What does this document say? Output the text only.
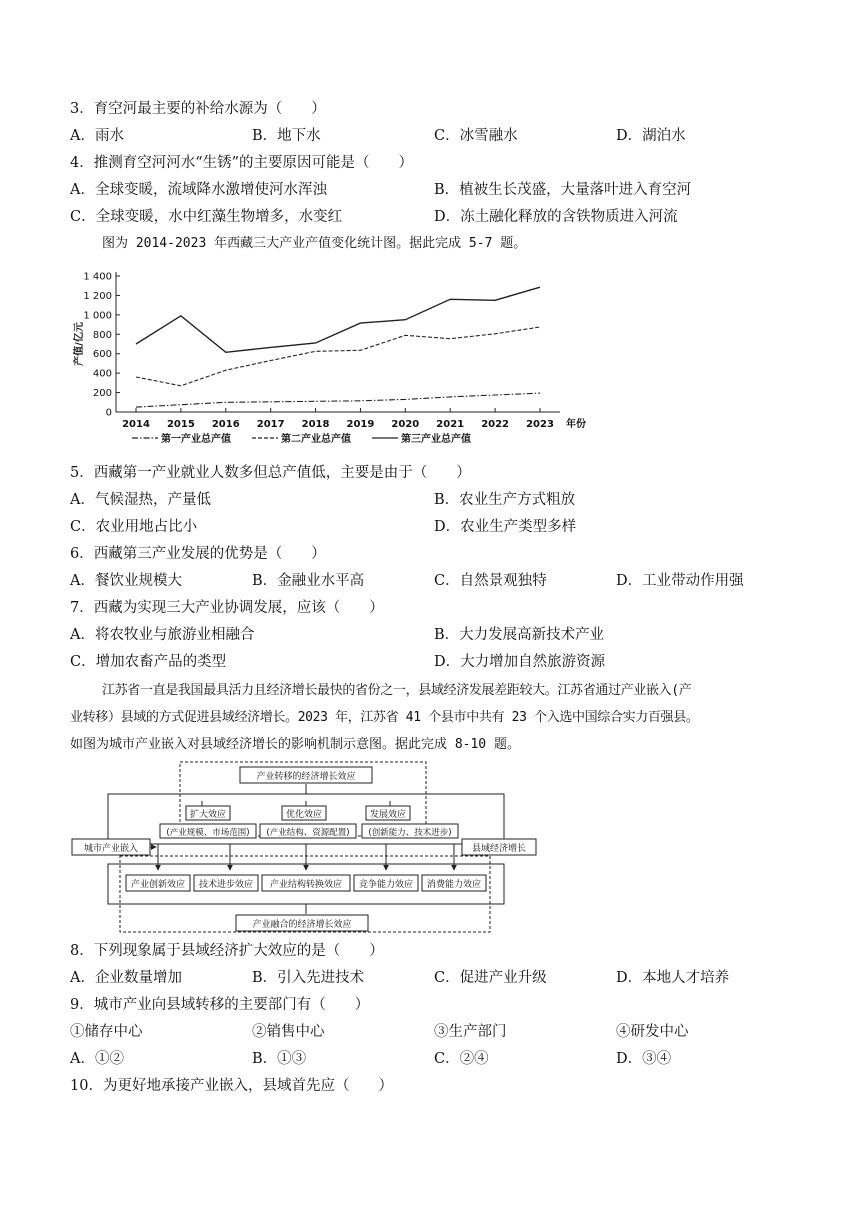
3．育空河最主要的补给水源为（　　）
A．雨水	B．地下水	C．冰雪融水	D．湖泊水
4．推测育空河河水“生锈”的主要原因可能是（　　）
A．全球变暖，流域降水激增使河水浑浊	B．植被生长茂盛，大量落叶进入育空河
C．全球变暖，水中红藻生物增多，水变红	D．冻土融化释放的含铁物质进入河流
图为 2014-2023 年西藏三大产业产值变化统计图。据此完成 5-7 题。
0
200
400
600
800
1 000
1 200
1 400
2014 2015 2016 2017 2018 2019 2020 2021 2022 2023
产值/亿元
年份
第一产业总产值	第二产业总产值	第三产业总产值
5．西藏第一产业就业人数多但总产值低，主要是由于（　　）
A．气候湿热，产量低	B．农业生产方式粗放
C．农业用地占比小	D．农业生产类型多样
6．西藏第三产业发展的优势是（　　）
A．餐饮业规模大	B．金融业水平高	C．自然景观独特	D．工业带动作用强
7．西藏为实现三大产业协调发展，应该（　　）
A．将农牧业与旅游业相融合	B．大力发展高新技术产业
C．增加农畜产品的类型	D．大力增加自然旅游资源
江苏省一直是我国最具活力且经济增长最快的省份之一，县域经济发展差距较大。江苏省通过产业嵌入(产
业转移）县域的方式促进县域经济增长。2023 年，江苏省 41 个县市中共有 23 个入选中国综合实力百强县。
如图为城市产业嵌入对县域经济增长的影响机制示意图。据此完成 8-10 题。
产业转移的经济增长效应
产业融合的经济增长效应
城市产业嵌入	县域经济增长
扩大效应
(产业规模、市场范围)
优化效应
(产业结构、资源配置)
发展效应
(创新能力、技术进步)
产业创新效应 技术进步效应 产业结构转换效应 竞争能力效应 消费能力效应
8．下列现象属于县域经济扩大效应的是（　　）
A．企业数量增加	B．引入先进技术	C．促进产业升级	D．本地人才培养
9．城市产业向县域转移的主要部门有（　　）
①储存中心	②销售中心	③生产部门	④研发中心
A．①②	B．①③	C．②④	D．③④
10．为更好地承接产业嵌入，县域首先应（　　）
